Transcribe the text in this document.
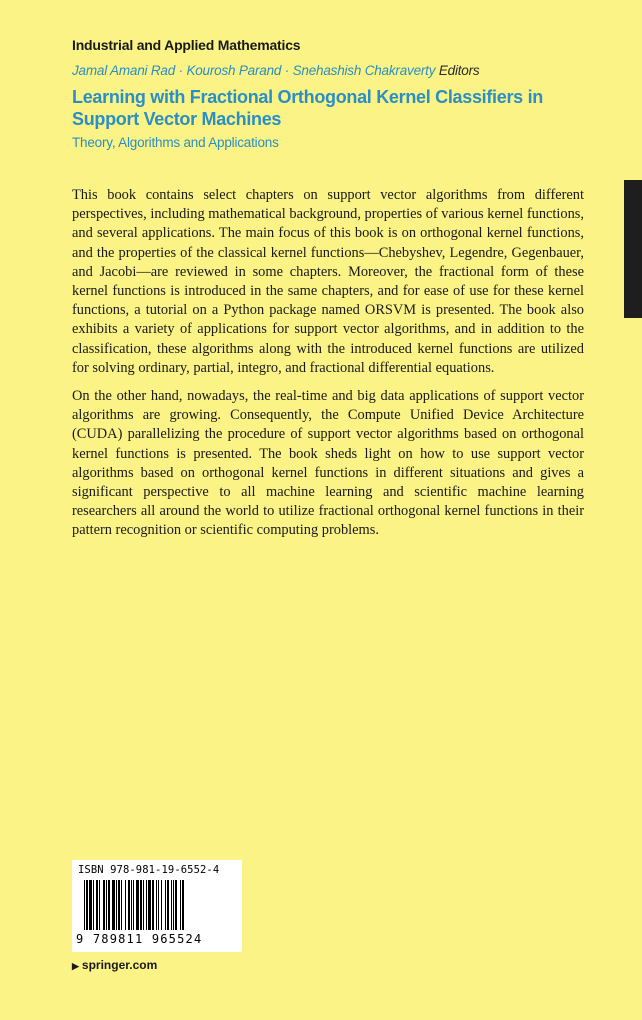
Industrial and Applied Mathematics
Jamal Amani Rad · Kourosh Parand · Snehashish Chakraverty Editors
Learning with Fractional Orthogonal Kernel Classifiers in Support Vector Machines
Theory, Algorithms and Applications

This book contains select chapters on support vector algorithms from different perspectives, including mathematical background, properties of various kernel functions, and several applications. The main focus of this book is on orthogonal kernel functions, and the properties of the classical kernel functions—Chebyshev, Legendre, Gegenbauer, and Jacobi—are reviewed in some chapters. Moreover, the fractional form of these kernel functions is introduced in the same chapters, and for ease of use for these kernel functions, a tutorial on a Python package named ORSVM is presented. The book also exhibits a variety of applications for support vector algorithms, and in addition to the classification, these algorithms along with the introduced kernel functions are utilized for solving ordinary, partial, integro, and fractional differential equations.

On the other hand, nowadays, the real-time and big data applications of support vector algorithms are growing. Consequently, the Compute Unified Device Architecture (CUDA) parallelizing the procedure of support vector algorithms based on orthogonal kernel functions is presented. The book sheds light on how to use support vector algorithms based on orthogonal kernel functions in different situations and gives a significant perspective to all machine learning and scientific machine learning researchers all around the world to utilize fractional orthogonal kernel functions in their pattern recognition or scientific computing problems.

ISBN 978-981-19-6552-4
9 789811 965524
▶ springer.com
